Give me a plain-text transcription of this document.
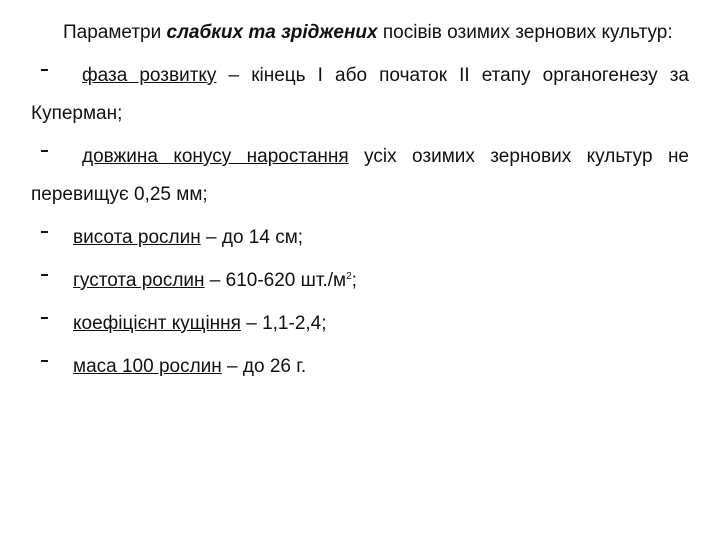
Параметри слабких та зріджених посівів озимих зернових культур:

фаза розвитку – кінець I або початок II етапу органогенезу за Куперман;

довжина конусу наростання усіх озимих зернових культур не перевищує 0,25 мм;

висота рослин – до 14 см;

густота рослин – 610-620 $шт./м^2$;

коефіцієнт кущіння – 1,1-2,4;

маса 100 рослин – до 26 г.
